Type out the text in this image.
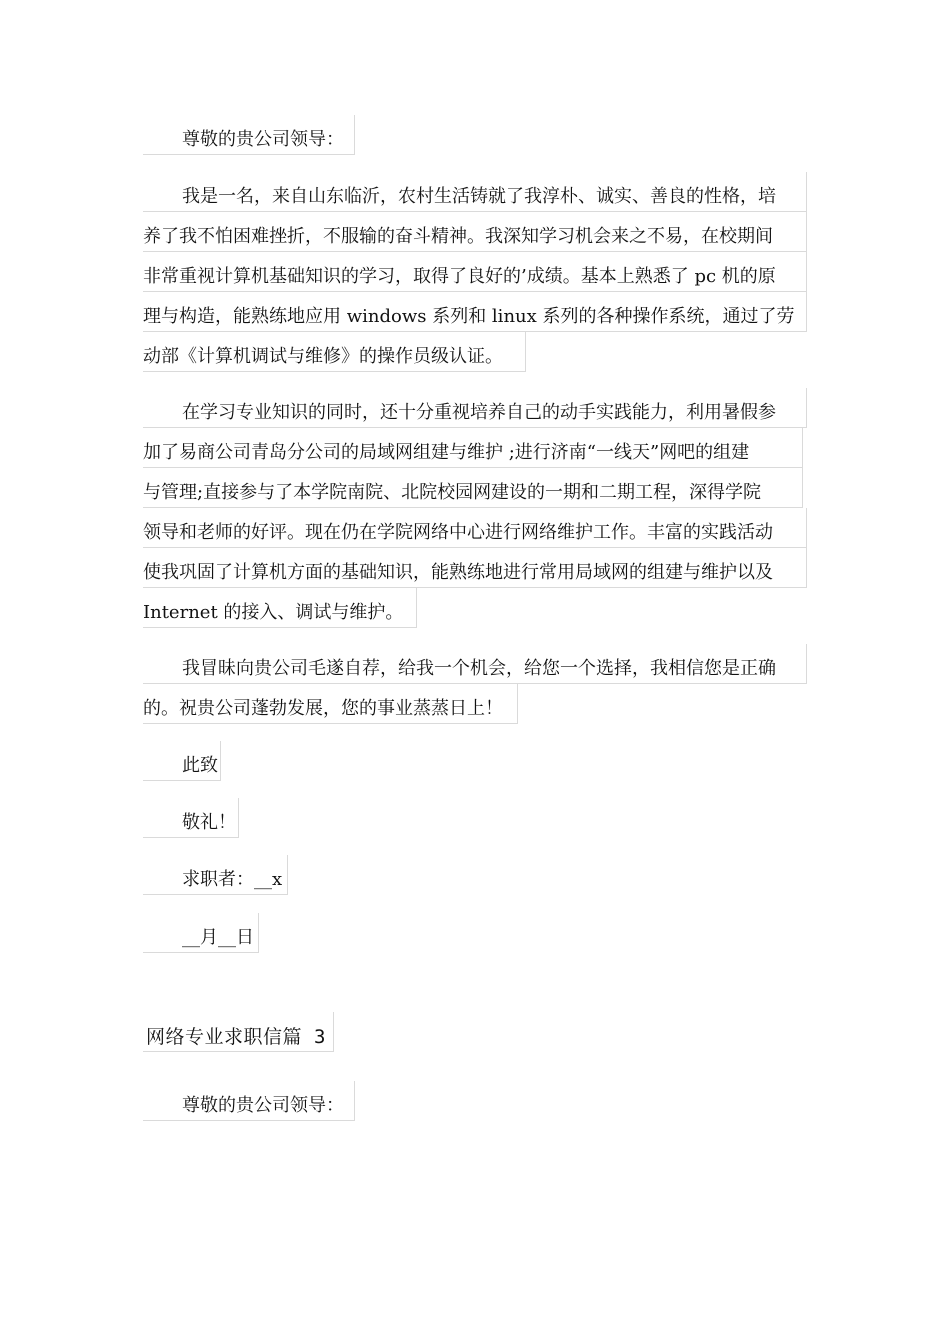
尊敬的贵公司领导：
我是一名，来自山东临沂，农村生活铸就了我淳朴、诚实、善良的性格，培
养了我不怕困难挫折，不服输的奋斗精神。我深知学习机会来之不易，在校期间
非常重视计算机基础知识的学习，取得了良好的’成绩。基本上熟悉了 pc 机的原
理与构造，能熟练地应用 windows 系列和 linux 系列的各种操作系统，通过了劳
动部《计算机调试与维修》的操作员级认证。
在学习专业知识的同时，还十分重视培养自己的动手实践能力，利用暑假参
加了易商公司青岛分公司的局域网组建与维护 ;进行济南“一线天”网吧的组建
与管理;直接参与了本学院南院、北院校园网建设的一期和二期工程，深得学院
领导和老师的好评。现在仍在学院网络中心进行网络维护工作。丰富的实践活动
使我巩固了计算机方面的基础知识，能熟练地进行常用局域网的组建与维护以及
Internet 的接入、调试与维护。
我冒昧向贵公司毛遂自荐，给我一个机会，给您一个选择，我相信您是正确
的。祝贵公司蓬勃发展，您的事业蒸蒸日上！
此致
敬礼！
求职者：__x
__月__日
网络专业求职信篇 3
尊敬的贵公司领导：
